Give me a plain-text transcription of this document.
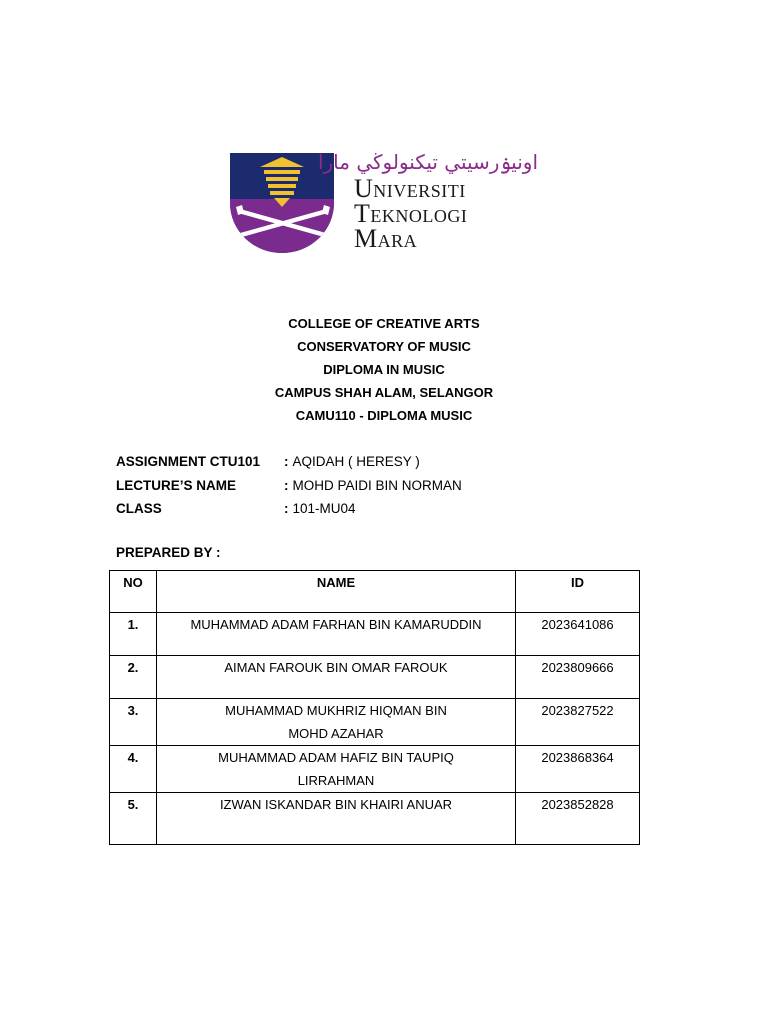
اونيۏرسيتي تيكنولوڬي مارا
Universiti
Teknologi
Mara
COLLEGE OF CREATIVE ARTS
CONSERVATORY OF MUSIC
DIPLOMA IN MUSIC
CAMPUS SHAH ALAM, SELANGOR
CAMU110 - DIPLOMA MUSIC
ASSIGNMENT CTU101	: AQIDAH ( HERESY )
LECTURE’S NAME	: MOHD PAIDI BIN NORMAN
CLASS	: 101-MU04
PREPARED BY :
NO	NAME	ID
1.	MUHAMMAD ADAM FARHAN BIN KAMARUDDIN	2023641086
2.	AIMAN FAROUK BIN OMAR FAROUK	2023809666
3.	MUHAMMAD MUKHRIZ HIQMAN BIN MOHD AZAHAR	2023827522
4.	MUHAMMAD ADAM HAFIZ BIN TAUPIQ LIRRAHMAN	2023868364
5.	IZWAN ISKANDAR BIN KHAIRI ANUAR	2023852828
